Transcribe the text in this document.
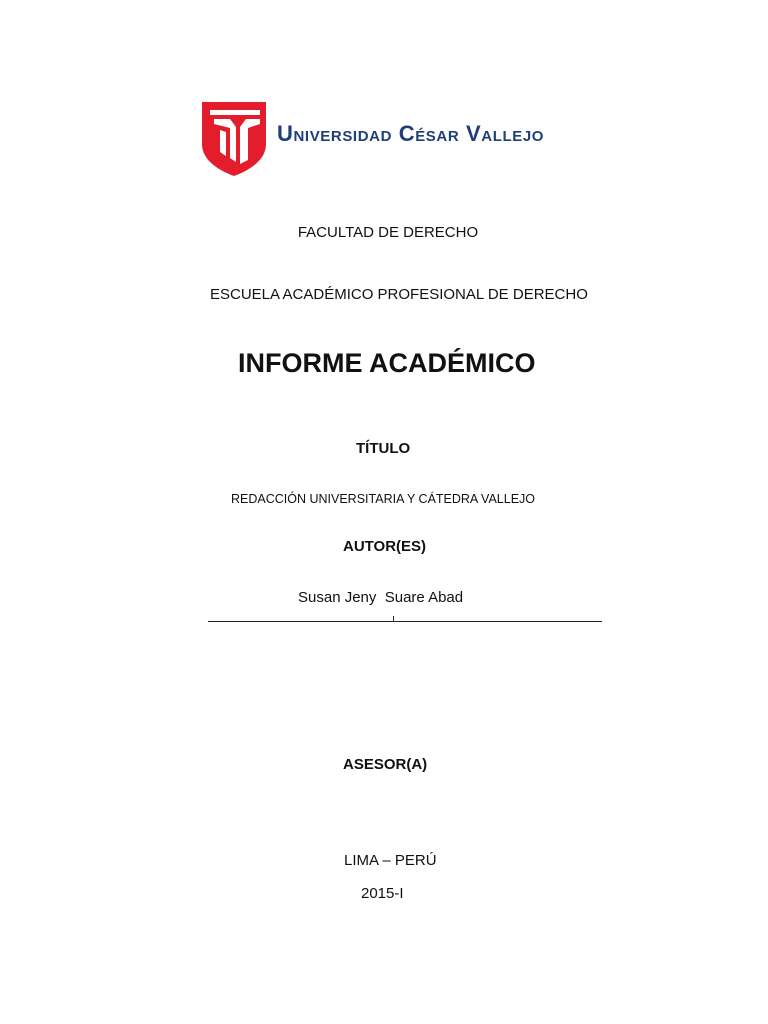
Universidad César Vallejo
FACULTAD DE DERECHO
ESCUELA ACADÉMICO PROFESIONAL DE DERECHO
INFORME ACADÉMICO
TÍTULO
REDACCIÓN UNIVERSITARIA Y CÁTEDRA VALLEJO
AUTOR(ES)
Susan Jeny  Suare Abad
ASESOR(A)
LIMA – PERÚ
2015-I
